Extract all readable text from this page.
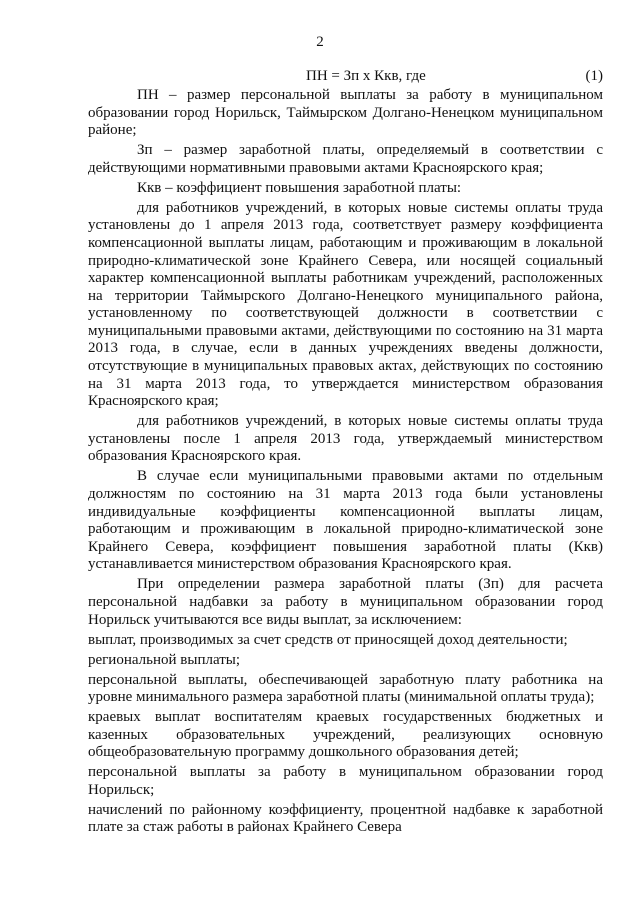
2
ПН = Зп х Ккв, где	(1)

ПН – размер персональной выплаты за работу в муниципальном образовании город Норильск, Таймырском Долгано-Ненецком муниципальном районе;

Зп – размер заработной платы, определяемый в соответствии с действующими нормативными правовыми актами Красноярского края;

Ккв – коэффициент повышения заработной платы:

для работников учреждений, в которых новые системы оплаты труда установлены до 1 апреля 2013 года, соответствует размеру коэффициента компенсационной выплаты лицам, работающим и проживающим в локальной природно-климатической зоне Крайнего Севера, или носящей социальный характер компенсационной выплаты работникам учреждений, расположенных на территории Таймырского Долгано-Ненецкого муниципального района, установленному по соответствующей должности в соответствии с муниципальными правовыми актами, действующими по состоянию на 31 марта 2013 года, в случае, если в данных учреждениях введены должности, отсутствующие в муниципальных правовых актах, действующих по состоянию на 31 марта 2013 года, то утверждается министерством образования Красноярского края;

для работников учреждений, в которых новые системы оплаты труда установлены после 1 апреля 2013 года, утверждаемый министерством образования Красноярского края.

В случае если муниципальными правовыми актами по отдельным должностям по состоянию на 31 марта 2013 года были установлены индивидуальные коэффициенты компенсационной выплаты лицам, работающим и проживающим в локальной природно-климатической зоне Крайнего Севера, коэффициент повышения заработной платы (Ккв) устанавливается министерством образования Красноярского края.

При определении размера заработной платы (Зп) для расчета персональной надбавки за работу в муниципальном образовании город Норильск учитываются все виды выплат, за исключением:

выплат, производимых за счет средств от приносящей доход деятельности;

региональной выплаты;

персональной выплаты, обеспечивающей заработную плату работника на уровне минимального размера заработной платы (минимальной оплаты труда);

краевых выплат воспитателям краевых государственных бюджетных и казенных образовательных учреждений, реализующих основную общеобразовательную программу дошкольного образования детей;

персональной выплаты за работу в муниципальном образовании город Норильск;

начислений по районному коэффициенту, процентной надбавке к заработной плате за стаж работы в районах Крайнего Севера
